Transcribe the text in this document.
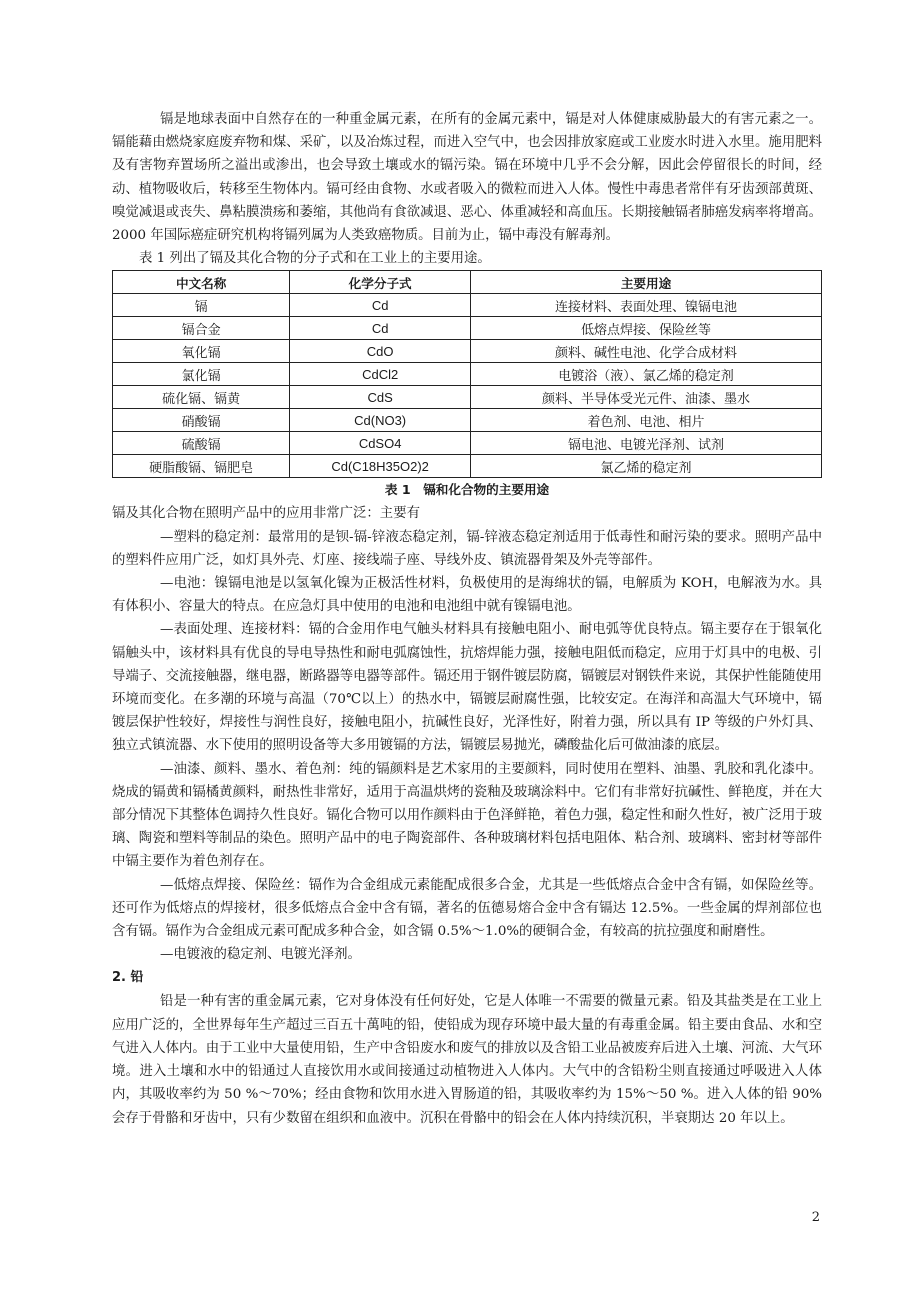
镉是地球表面中自然存在的一种重金属元素，在所有的金属元素中，镉是对人体健康威胁最大的有害元素之一。镉能藉由燃烧家庭废弃物和煤、采矿，以及冶炼过程，而进入空气中，也会因排放家庭或工业废水时进入水里。施用肥料及有害物弃置场所之溢出或渗出，也会导致土壤或水的镉污染。镉在环境中几乎不会分解，因此会停留很长的时间，经动、植物吸收后，转移至生物体内。镉可经由食物、水或者吸入的微粒而进入人体。慢性中毒患者常伴有牙齿颈部黄斑、嗅觉减退或丧失、鼻粘膜溃疡和萎缩，其他尚有食欲减退、恶心、体重减轻和高血压。长期接触镉者肺癌发病率将增高。2000 年国际癌症研究机构将镉列属为人类致癌物质。目前为止，镉中毒没有解毒剂。

表 1 列出了镉及其化合物的分子式和在工业上的主要用途。

中文名称	化学分子式	主要用途
镉	Cd	连接材料、表面处理、镍镉电池
镉合金	Cd	低熔点焊接、保险丝等
氧化镉	CdO	颜料、碱性电池、化学合成材料
氯化镉	CdCl2	电镀浴（液）、氯乙烯的稳定剂
硫化镉、镉黄	CdS	颜料、半导体受光元件、油漆、墨水
硝酸镉	Cd(NO3)	着色剂、电池、相片
硫酸镉	CdSO4	镉电池、电镀光泽剂、试剂
硬脂酸镉、镉肥皂	Cd(C18H35O2)2	氯乙烯的稳定剂
表 1　镉和化合物的主要用途

镉及其化合物在照明产品中的应用非常广泛：主要有

—塑料的稳定剂：最常用的是钡-镉-锌液态稳定剂，镉-锌液态稳定剂适用于低毒性和耐污染的要求。照明产品中的塑料件应用广泛，如灯具外壳、灯座、接线端子座、导线外皮、镇流器骨架及外壳等部件。

—电池：镍镉电池是以氢氧化镍为正极活性材料，负极使用的是海绵状的镉，电解质为 KOH，电解液为水。具有体积小、容量大的特点。在应急灯具中使用的电池和电池组中就有镍镉电池。

—表面处理、连接材料：镉的合金用作电气触头材料具有接触电阻小、耐电弧等优良特点。镉主要存在于银氧化镉触头中，该材料具有优良的导电导热性和耐电弧腐蚀性，抗熔焊能力强，接触电阻低而稳定，应用于灯具中的电极、引导端子、交流接触器，继电器，断路器等电器等部件。镉还用于钢件镀层防腐，镉镀层对钢铁件来说，其保护性能随使用环境而变化。在多潮的环境与高温（70℃以上）的热水中，镉镀层耐腐性强，比较安定。在海洋和高温大气环境中，镉镀层保护性较好，焊接性与润性良好，接触电阻小，抗碱性良好，光泽性好，附着力强，所以具有 IP 等级的户外灯具、独立式镇流器、水下使用的照明设备等大多用镀镉的方法，镉镀层易抛光，磷酸盐化后可做油漆的底层。

—油漆、颜料、墨水、着色剂：纯的镉颜料是艺术家用的主要颜料，同时使用在塑料、油墨、乳胶和乳化漆中。烧成的镉黄和镉橘黄颜料，耐热性非常好，适用于高温烘烤的瓷釉及玻璃涂料中。它们有非常好抗碱性、鲜艳度，并在大部分情况下其整体色调持久性良好。镉化合物可以用作颜料由于色泽鲜艳，着色力强，稳定性和耐久性好，被广泛用于玻璃、陶瓷和塑料等制品的染色。照明产品中的电子陶瓷部件、各种玻璃材料包括电阻体、粘合剂、玻璃料、密封材等部件中镉主要作为着色剂存在。

—低熔点焊接、保险丝：镉作为合金组成元素能配成很多合金，尤其是一些低熔点合金中含有镉，如保险丝等。还可作为低熔点的焊接材，很多低熔点合金中含有镉，著名的伍德易熔合金中含有镉达 12.5%。一些金属的焊剂部位也含有镉。镉作为合金组成元素可配成多种合金，如含镉 0.5%～1.0%的硬铜合金，有较高的抗拉强度和耐磨性。

—电镀液的稳定剂、电镀光泽剂。

2. 铅

铅是一种有害的重金属元素，它对身体没有任何好处，它是人体唯一不需要的微量元素。铅及其盐类是在工业上应用广泛的，全世界每年生产超过三百五十萬吨的铅，使铅成为现存环境中最大量的有毒重金属。铅主要由食品、水和空气进入人体内。由于工业中大量使用铅，生产中含铅废水和废气的排放以及含铅工业品被废弃后进入土壤、河流、大气环境。进入土壤和水中的铅通过人直接饮用水或间接通过动植物进入人体内。大气中的含铅粉尘则直接通过呼吸进入人体内，其吸收率约为 50 %～70%；经由食物和饮用水进入胃肠道的铅，其吸收率约为 15%～50 %。进入人体的铅 90%会存于骨骼和牙齿中，只有少数留在组织和血液中。沉积在骨骼中的铅会在人体内持续沉积，半衰期达 20 年以上。

2
